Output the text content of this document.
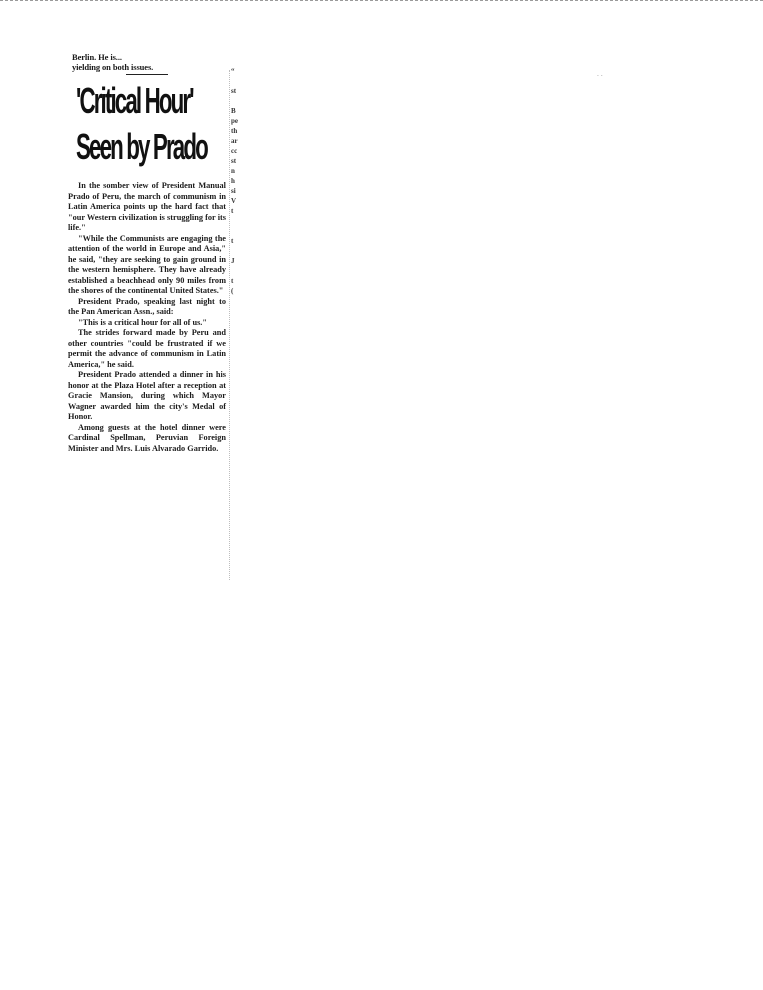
Berlin. He is...
yielding on both issues.
'Critical Hour'
Seen by Prado

In the somber view of President Manual Prado of Peru, the march of communism in Latin America points up the hard fact that "our Western civilization is struggling for its life."

"While the Communists are engaging the attention of the world in Europe and Asia," he said, "they are seeking to gain ground in the western hemisphere. They have already established a beachhead only 90 miles from the shores of the continental United States."

President Prado, speaking last night to the Pan American Assn., said:

"This is a critical hour for all of us."

The strides forward made by Peru and other countries "could be frustrated if we permit the advance of communism in Latin America," he said.

President Prado attended a dinner in his honor at the Plaza Hotel after a reception at Gracie Mansion, during which Mayor Wagner awarded him the city's Medal of Honor.

Among guests at the hotel dinner were Cardinal Spellman, Peruvian Foreign Minister and Mrs. Luis Alvarado Garrido.

“

st

B
pe
th
ar
cc
st
n
h
si
V
t

t

J

t
(
· ·
